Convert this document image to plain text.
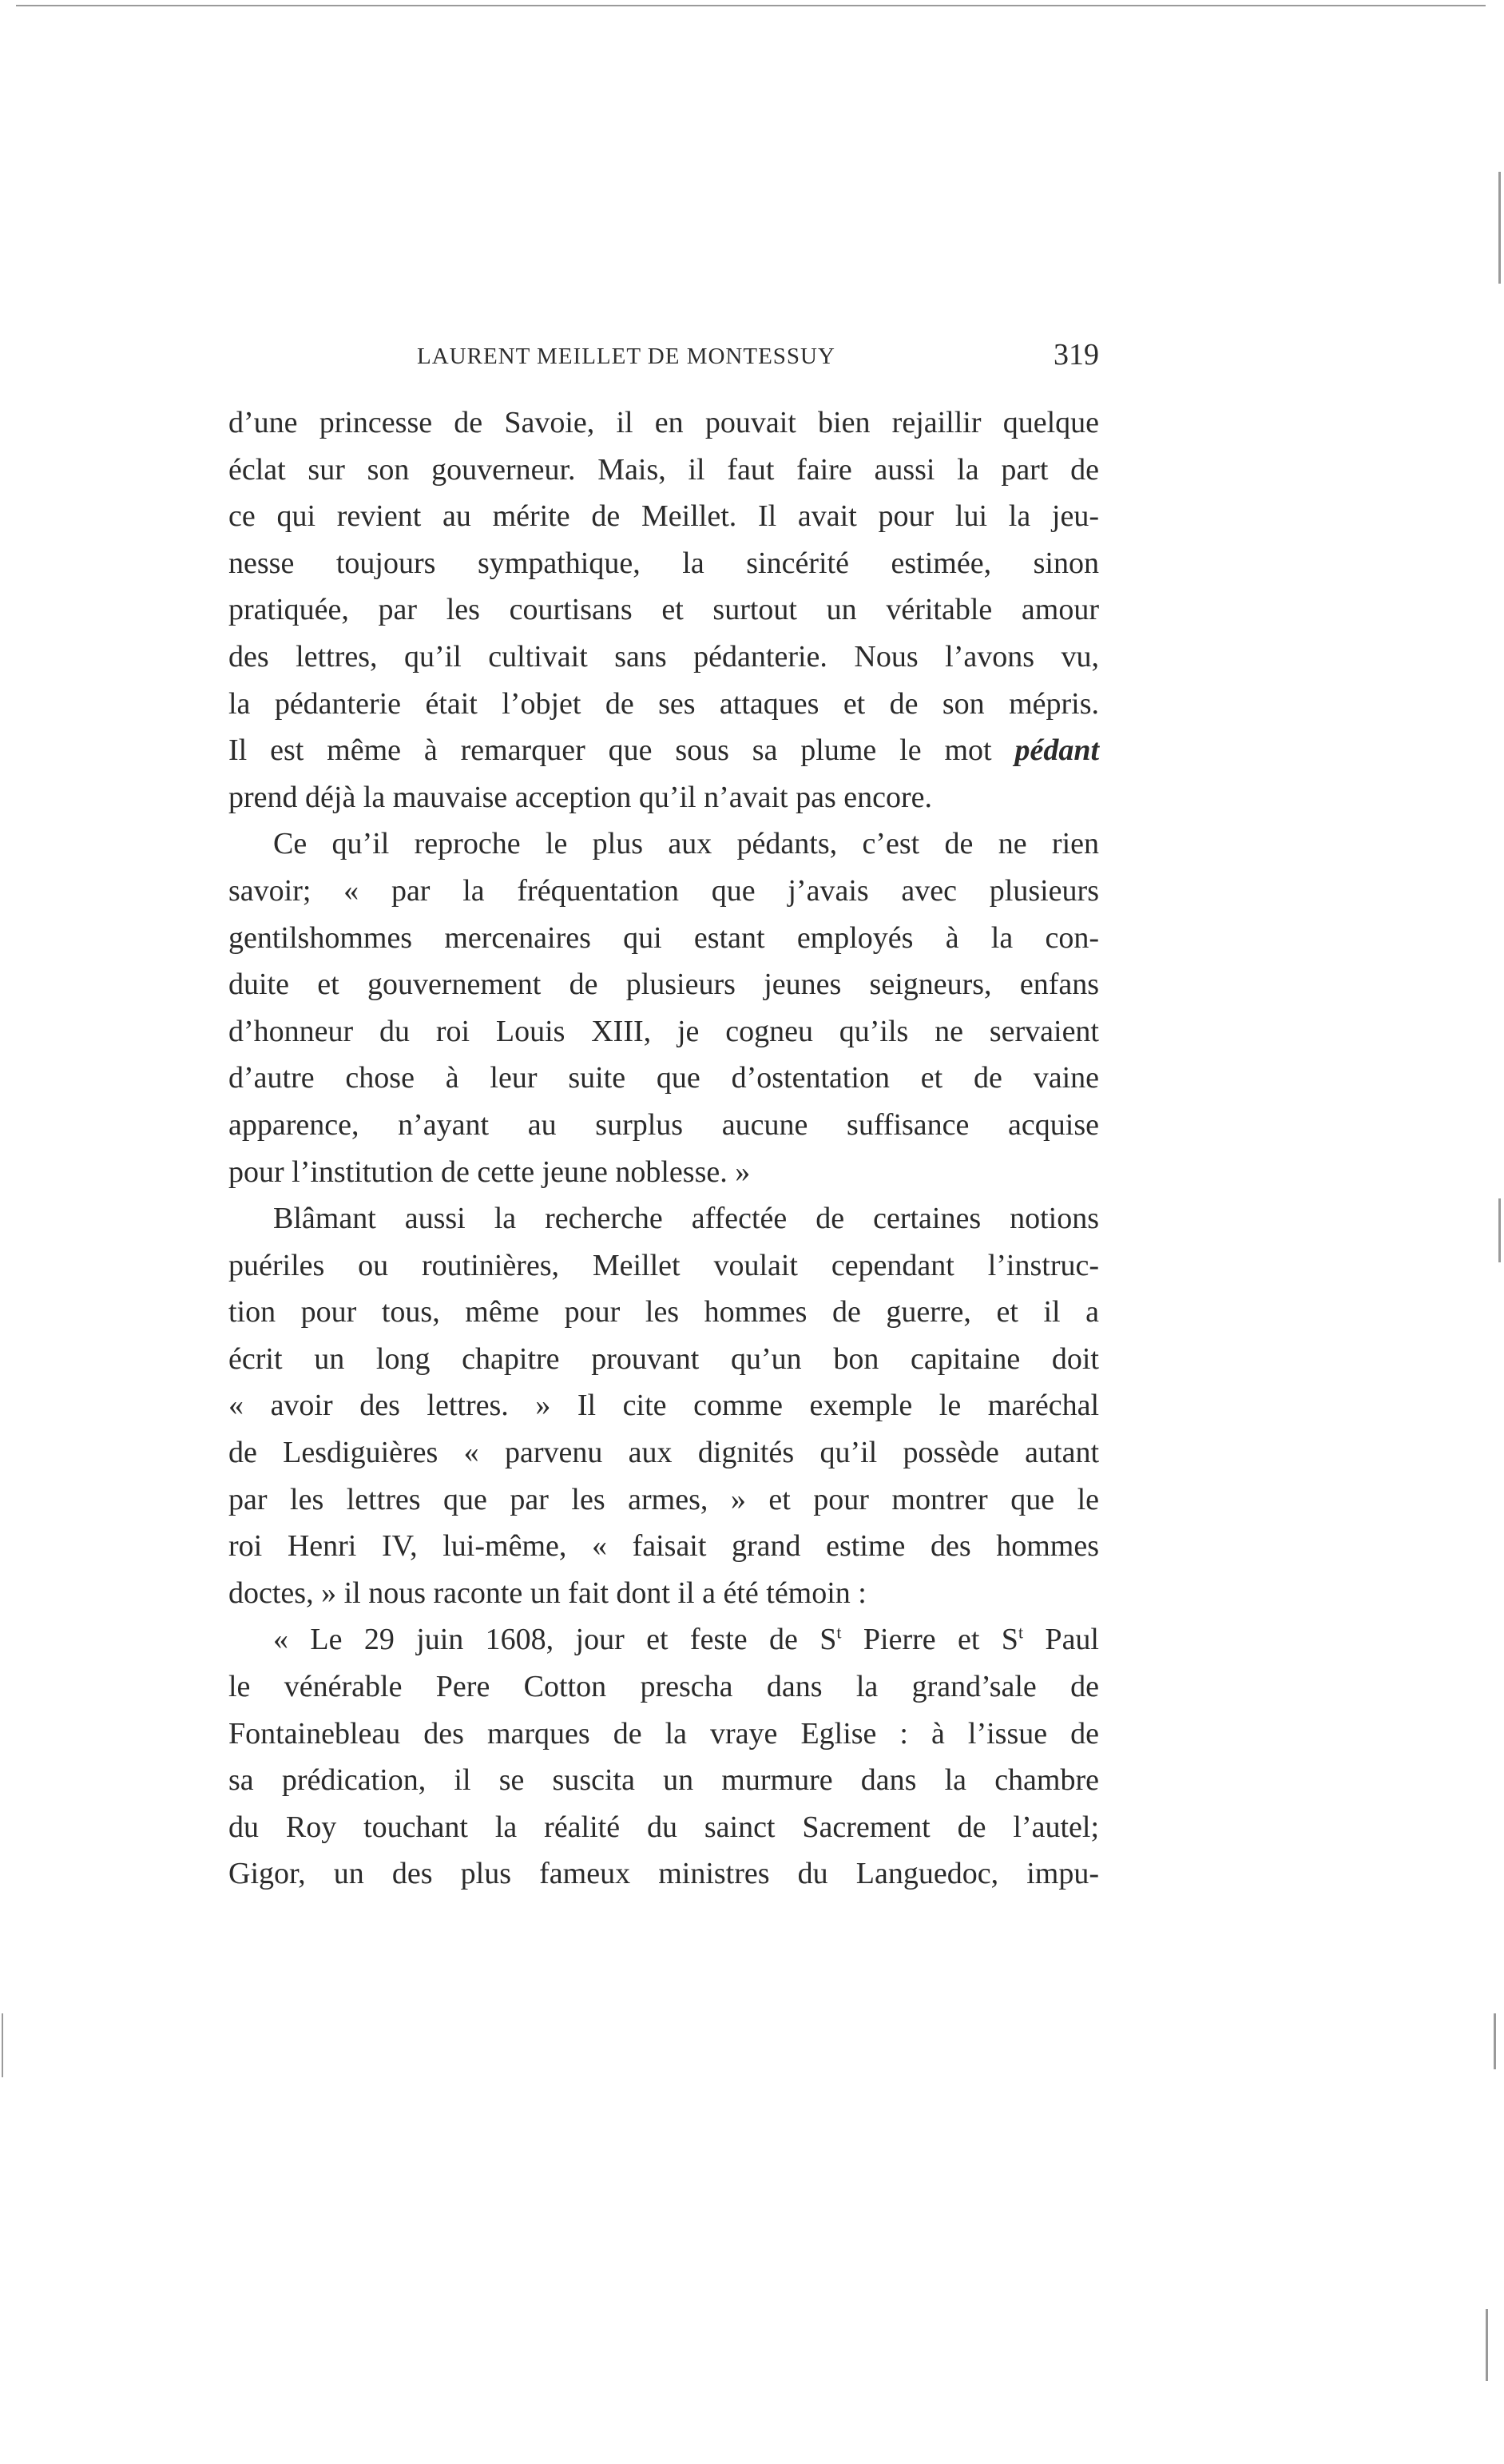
LAURENT MEILLET DE MONTESSUY	319
d’une princesse de Savoie, il en pouvait bien rejaillir quelque
éclat sur son gouverneur. Mais, il faut faire aussi la part de
ce qui revient au mérite de Meillet. Il avait pour lui la jeu-
nesse toujours sympathique, la sincérité estimée, sinon
pratiquée, par les courtisans et surtout un véritable amour
des lettres, qu’il cultivait sans pédanterie. Nous l’avons vu,
la pédanterie était l’objet de ses attaques et de son mépris.
Il est même à remarquer que sous sa plume le mot pédant
prend déjà la mauvaise acception qu’il n’avait pas encore.
Ce qu’il reproche le plus aux pédants, c’est de ne rien
savoir; « par la fréquentation que j’avais avec plusieurs
gentilshommes mercenaires qui estant employés à la con-
duite et gouvernement de plusieurs jeunes seigneurs, enfans
d’honneur du roi Louis XIII, je cogneu qu’ils ne servaient
d’autre chose à leur suite que d’ostentation et de vaine
apparence, n’ayant au surplus aucune suffisance acquise
pour l’institution de cette jeune noblesse. »
Blâmant aussi la recherche affectée de certaines notions
puériles ou routinières, Meillet voulait cependant l’instruc-
tion pour tous, même pour les hommes de guerre, et il a
écrit un long chapitre prouvant qu’un bon capitaine doit
« avoir des lettres. » Il cite comme exemple le maréchal
de Lesdiguières « parvenu aux dignités qu’il possède autant
par les lettres que par les armes, » et pour montrer que le
roi Henri IV, lui-même, « faisait grand estime des hommes
doctes, » il nous raconte un fait dont il a été témoin :
« Le 29 juin 1608, jour et feste de $S^t$ Pierre et $S^t$ Paul
le vénérable Pere Cotton prescha dans la grand’sale de
Fontainebleau des marques de la vraye Eglise : à l’issue de
sa prédication, il se suscita un murmure dans la chambre
du Roy touchant la réalité du sainct Sacrement de l’autel;
Gigor, un des plus fameux ministres du Languedoc, impu-
